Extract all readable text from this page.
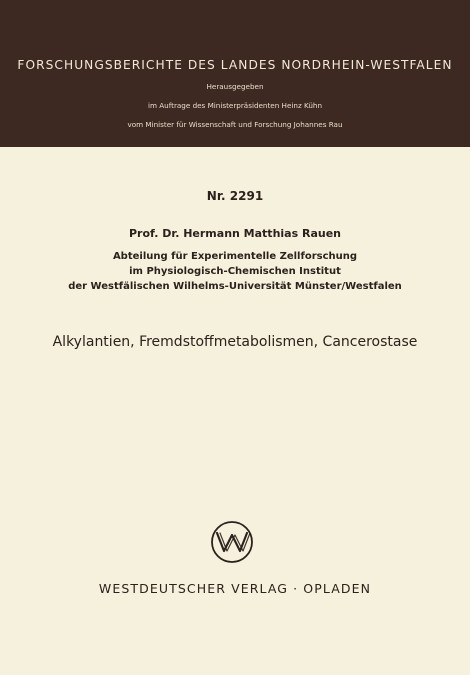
FORSCHUNGSBERICHTE DES LANDES NORDRHEIN-WESTFALEN
Herausgegeben
im Auftrage des Ministerpräsidenten Heinz Kühn
vom Minister für Wissenschaft und Forschung Johannes Rau
Nr. 2291
Prof. Dr. Hermann Matthias Rauen
Abteilung für Experimentelle Zellforschung
im Physiologisch-Chemischen Institut
der Westfälischen Wilhelms-Universität Münster/Westfalen
Alkylantien, Fremdstoffmetabolismen, Cancerostase
WESTDEUTSCHER VERLAG · OPLADEN
